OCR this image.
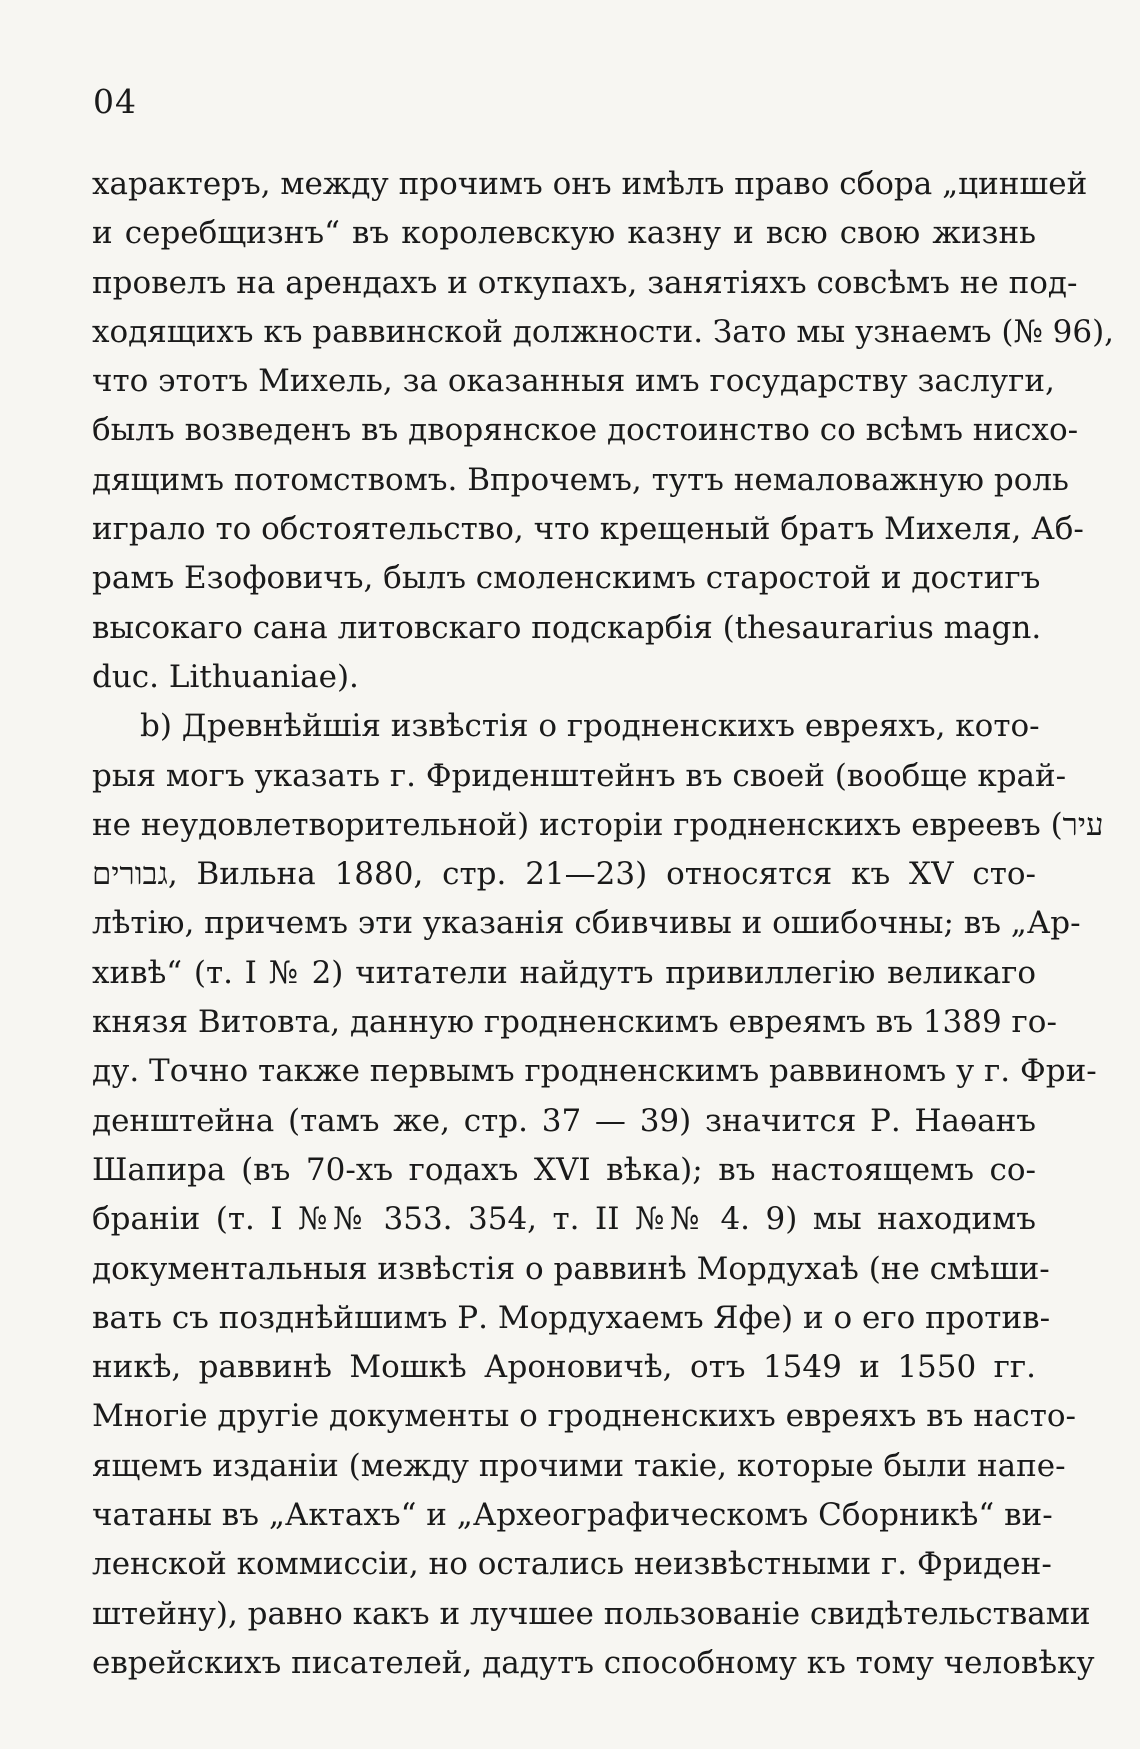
04
характеръ, между прочимъ онъ имѣлъ право сбора „циншей
и серебщизнъ“ въ королевскую казну и всю свою жизнь
провелъ на арендахъ и откупахъ, занятіяхъ совсѣмъ не под-
ходящихъ къ раввинской должности. Зато мы узнаемъ (№ 96),
что этотъ Михель, за оказанныя имъ государству заслуги,
былъ возведенъ въ дворянское достоинство со всѣмъ нисхо-
дящимъ потомствомъ. Впрочемъ, тутъ немаловажную роль
играло то обстоятельство, что крещеный братъ Михеля, Аб-
рамъ Езофовичъ, былъ смоленскимъ старостой и достигъ
высокаго сана литовскаго подскарбія (thesaurarius magn.
duc. Lithuaniae).
b) Древнѣйшія извѣстія о гродненскихъ евреяхъ, кото-
рыя могъ указать г. Фриденштейнъ въ своей (вообще край-
не неудовлетворительной) исторіи гродненскихъ евреевъ (עיר
גבורים, Вильна 1880, стр. 21—23) относятся къ XV сто-
лѣтію, причемъ эти указанія сбивчивы и ошибочны; въ „Ар-
хивѣ“ (т. I № 2) читатели найдутъ привиллегію великаго
князя Витовта, данную гродненскимъ евреямъ въ 1389 го-
ду. Точно также первымъ гродненскимъ раввиномъ у г. Фри-
денштейна (тамъ же, стр. 37 — 39) значится Р. Наѳанъ
Шапира (въ 70-хъ годахъ XVI вѣка); въ настоящемъ со-
браніи (т. I №№ 353. 354, т. II №№ 4. 9) мы находимъ
документальныя извѣстія о раввинѣ Мордухаѣ (не смѣши-
вать съ позднѣйшимъ Р. Мордухаемъ Яфе) и о его против-
никѣ, раввинѣ Мошкѣ Ароновичѣ, отъ 1549 и 1550 гг.
Многіе другіе документы о гродненскихъ евреяхъ въ насто-
ящемъ изданіи (между прочими такіе, которые были напе-
чатаны въ „Актахъ“ и „Археографическомъ Сборникѣ“ ви-
ленской коммиссіи, но остались неизвѣстными г. Фриден-
штейну), равно какъ и лучшее пользованіе свидѣтельствами
еврейскихъ писателей, дадутъ способному къ тому человѣку
